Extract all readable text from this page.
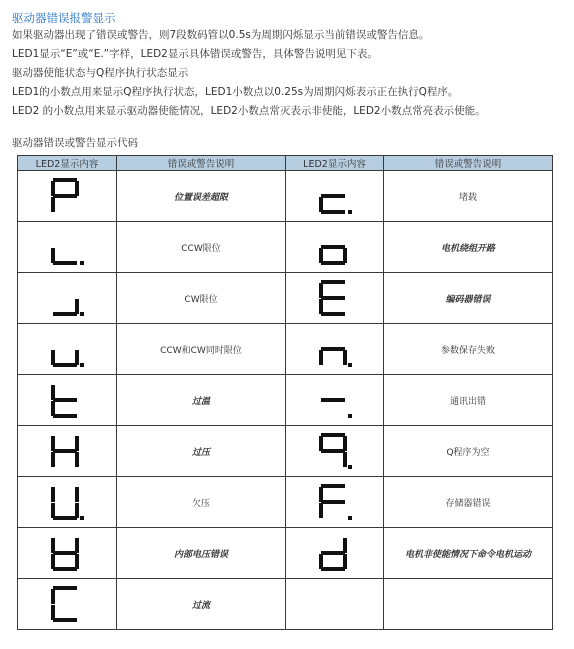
驱动器错误报警显示
如果驱动器出现了错误或警告，则7段数码管以0.5s为周期闪烁显示当前错误或警告信息。
LED1显示“E”或“E.”字样，LED2显示具体错误或警告，具体警告说明见下表。
驱动器使能状态与Q程序执行状态显示
LED1的小数点用来显示Q程序执行状态，LED1小数点以0.25s为周期闪烁表示正在执行Q程序。
LED2 的小数点用来显示驱动器使能情况，LED2小数点常灭表示非使能，LED2小数点常亮表示使能。
驱动器错误或警告显示代码
LED2显示内容	错误或警告说明	LED2显示内容	错误或警告说明

	位置误差超限		堵载

	CCW限位		电机绕组开路

	CW限位		编码器错误

	CCW和CW同时限位		参数保存失败

	过温		通讯出错

	过压		Q程序为空

	欠压		存储器错误

	内部电压错误		电机非使能情况下命令电机运动

	过流		
